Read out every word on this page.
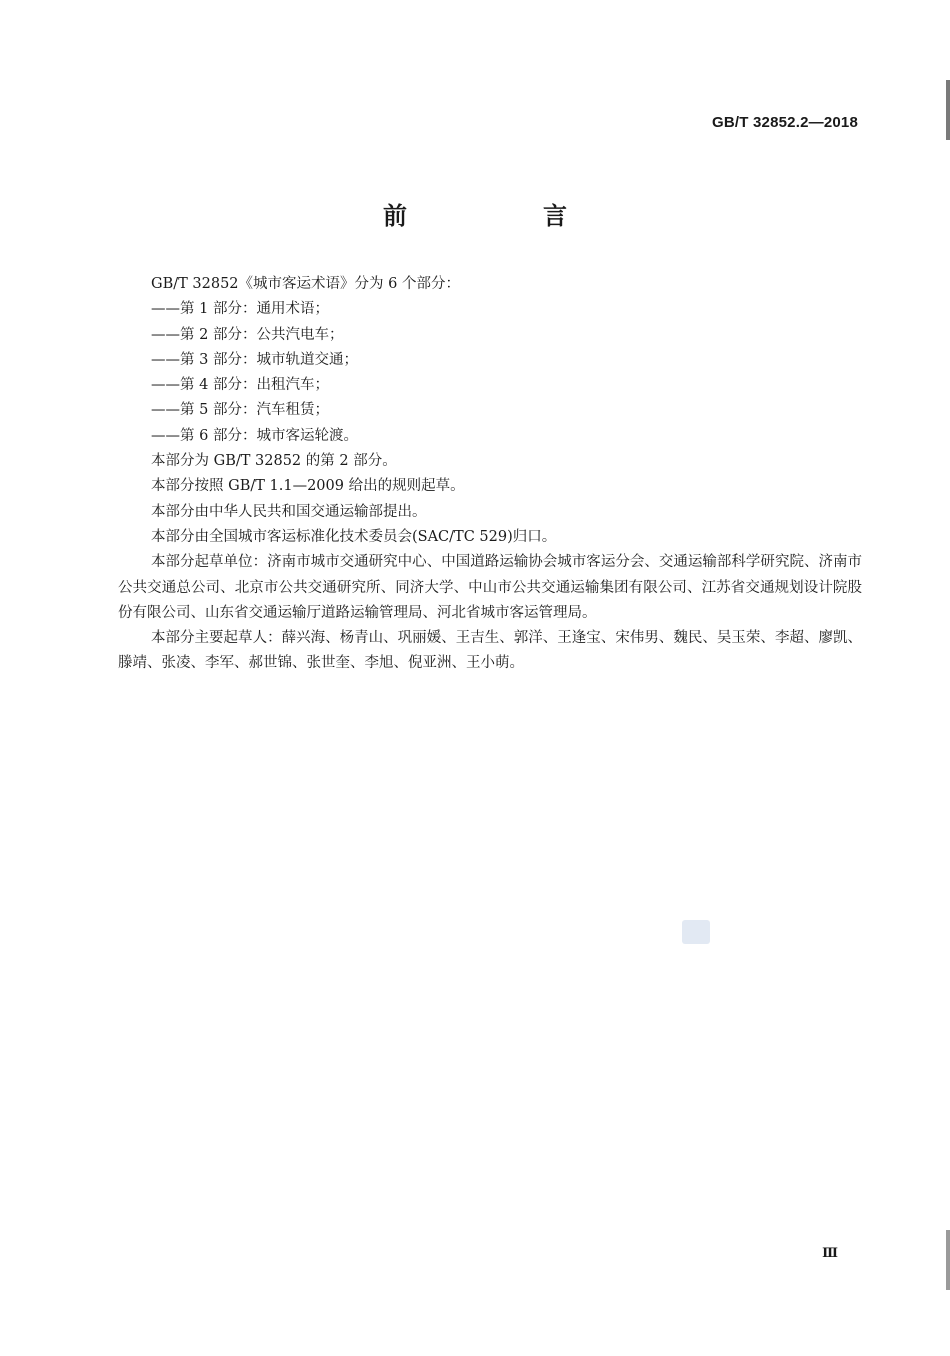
GB/T 32852.2—2018
前　言
GB/T 32852《城市客运术语》分为 6 个部分：
——第 1 部分：通用术语；
——第 2 部分：公共汽电车；
——第 3 部分：城市轨道交通；
——第 4 部分：出租汽车；
——第 5 部分：汽车租赁；
——第 6 部分：城市客运轮渡。
本部分为 GB/T 32852 的第 2 部分。
本部分按照 GB/T 1.1—2009 给出的规则起草。
本部分由中华人民共和国交通运输部提出。
本部分由全国城市客运标准化技术委员会(SAC/TC 529)归口。
本部分起草单位：济南市城市交通研究中心、中国道路运输协会城市客运分会、交通运输部科学研究院、济南市公共交通总公司、北京市公共交通研究所、同济大学、中山市公共交通运输集团有限公司、江苏省交通规划设计院股份有限公司、山东省交通运输厅道路运输管理局、河北省城市客运管理局。
本部分主要起草人：薛兴海、杨青山、巩丽媛、王吉生、郭洋、王逢宝、宋伟男、魏民、吴玉荣、李超、廖凯、滕靖、张凌、李军、郝世锦、张世奎、李旭、倪亚洲、王小萌。
Ⅲ
